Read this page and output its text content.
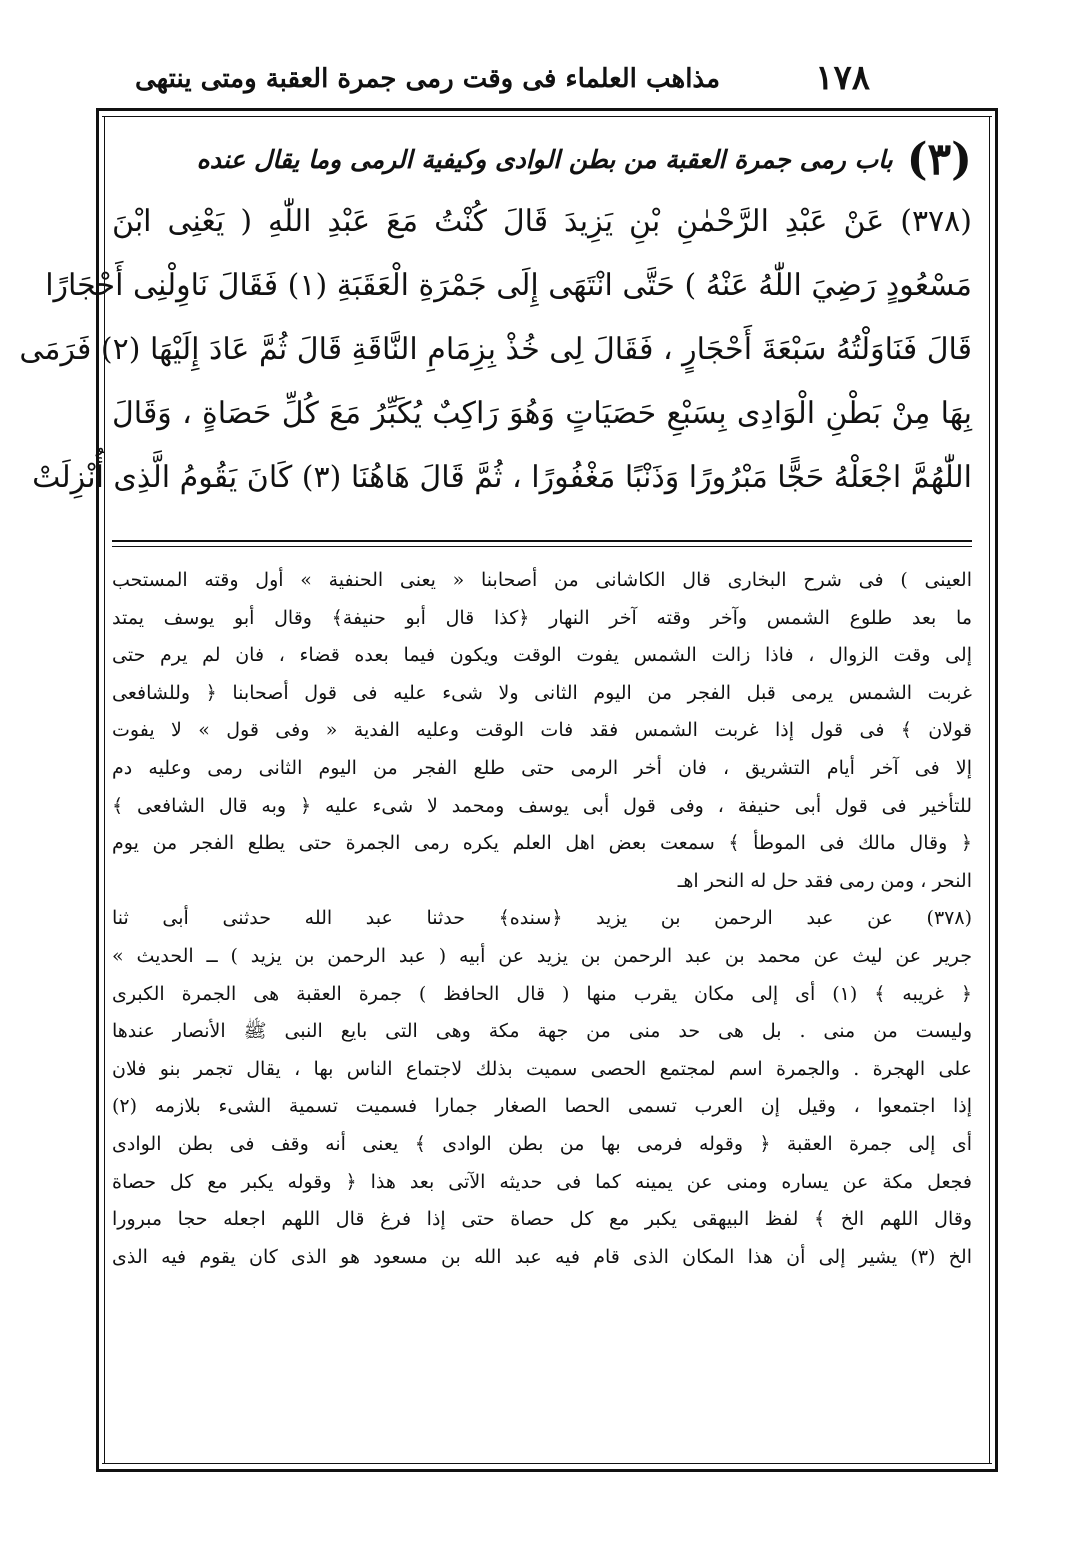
١٧٨
مذاهب العلماء فى وقت رمى جمرة العقبة ومتى ينتهى
(٣)
باب رمى جمرة العقبة من بطن الوادى وكيفية الرمى وما يقال عنده
(٣٧٨) عَنْ عَبْدِ الرَّحْمٰنِ بْنِ يَزِيدَ قَالَ كُنْتُ مَعَ عَبْدِ اللّٰهِ ( يَعْنِى ابْنَ
مَسْعُودٍ رَضِيَ اللّٰهُ عَنْهُ ) حَتَّى انْتَهَى إِلَى جَمْرَةِ الْعَقَبَةِ (١) فَقَالَ نَاوِلْنِى أَحْجَارًا
قَالَ فَنَاوَلْتُهُ سَبْعَةَ أَحْجَارٍ ، فَقَالَ لِى خُذْ بِزِمَامِ النَّاقَةِ قَالَ ثُمَّ عَادَ إِلَيْهَا (٢) فَرَمَى
بِهَا مِنْ بَطْنِ الْوَادِى بِسَبْعِ حَصَيَاتٍ وَهُوَ رَاكِبٌ يُكَبِّرُ مَعَ كُلِّ حَصَاةٍ ، وَقَالَ
اللّٰهُمَّ اجْعَلْهُ حَجًّا مَبْرُورًا وَذَنْبًا مَغْفُورًا ، ثُمَّ قَالَ هَاهُنَا (٣) كَانَ يَقُومُ الَّذِى أُنْزِلَتْ
العينى ) فى شرح البخارى قال الكاشانى من أصحابنا « يعنى الحنفية » أول وقته المستحب
ما بعد طلوع الشمس وآخر وقته آخر النهار ﴿كذا قال أبو حنيفة﴾ وقال أبو يوسف يمتد
إلى وقت الزوال ، فاذا زالت الشمس يفوت الوقت ويكون فيما بعده قضاء ، فان لم يرم حتى
غربت الشمس يرمى قبل الفجر من اليوم الثانى ولا شىء عليه فى قول أصحابنا ﴿ وللشافعى
قولان ﴾ فى قول إذا غربت الشمس فقد فات الوقت وعليه الفدية « وفى قول » لا يفوت
إلا فى آخر أيام التشريق ، فان أخر الرمى حتى طلع الفجر من اليوم الثانى رمى وعليه دم
للتأخير فى قول أبى حنيفة ، وفى قول أبى يوسف ومحمد لا شىء عليه ﴿ وبه قال الشافعى ﴾
﴿ وقال مالك فى الموطأ ﴾ سمعت بعض اهل العلم يكره رمى الجمرة حتى يطلع الفجر من يوم
النحر ، ومن رمى فقد حل له النحر اهـ
(٣٧٨) عن عبد الرحمن بن يزيد ﴿سنده﴾ حدثنا عبد الله حدثنى أبى ثنا
جرير عن ليث عن محمد بن عبد الرحمن بن يزيد عن أبيه ( عبد الرحمن بن يزيد ) ــ الحديث »
﴿ غريبه ﴾ (١) أى إلى مكان يقرب منها ( قال الحافظ ) جمرة العقبة هى الجمرة الكبرى
وليست من منى . بل هى حد منى من جهة مكة وهى التى بايع النبى ﷺ الأنصار عندها
على الهجرة . والجمرة اسم لمجتمع الحصى سميت بذلك لاجتماع الناس بها ، يقال تجمر بنو فلان
إذا اجتمعوا ، وقيل إن العرب تسمى الحصا الصغار جمارا فسميت تسمية الشىء بلازمه (٢)
أى إلى جمرة العقبة ﴿ وقوله فرمى بها من بطن الوادى ﴾ يعنى أنه وقف فى بطن الوادى
فجعل مكة عن يساره ومنى عن يمينه كما فى حديثه الآتى بعد هذا ﴿ وقوله يكبر مع كل حصاة
وقال اللهم الخ ﴾ لفظ البيهقى يكبر مع كل حصاة حتى إذا فرغ قال اللهم اجعله حجا مبرورا
الخ (٣) يشير إلى أن هذا المكان الذى قام فيه عبد الله بن مسعود هو الذى كان يقوم فيه الذى
